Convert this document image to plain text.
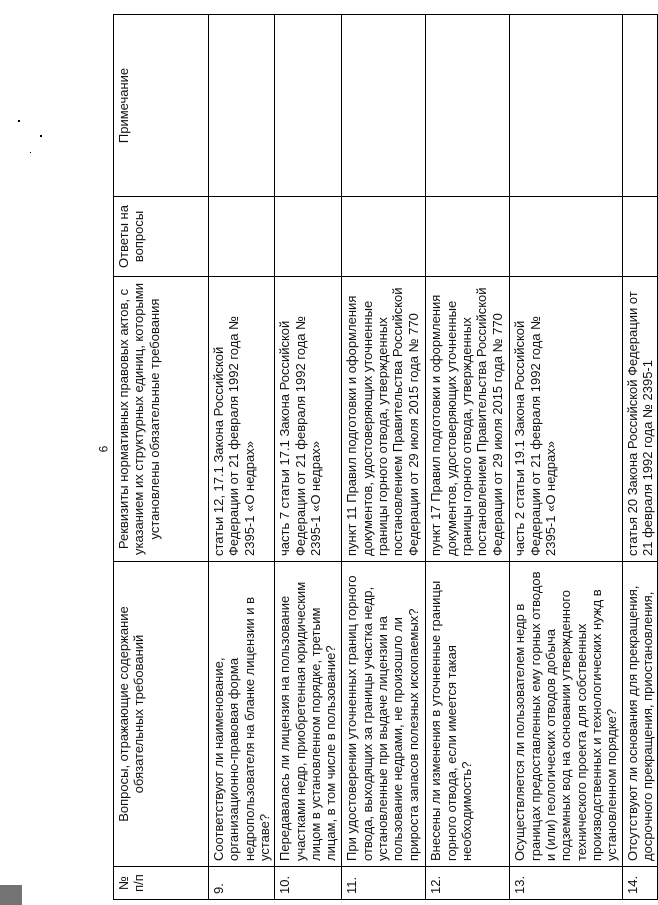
6
№ п/п	Вопросы, отражающие содержание обязательных требований	Реквизиты нормативных правовых актов, с указанием их структурных единиц, которыми установлены обязательные требования	Ответы на вопросы	Примечание
9.	Соответствуют ли наименование, организационно-правовая форма недропользователя на бланке лицензии и в уставе?	статьи 12, 17.1 Закона Российской Федерации от 21 февраля 1992 года № 2395-1 «О недрах»		
10.	Передавалась ли лицензия на пользование участками недр, приобретенная юридическим лицом в установленном порядке, третьим лицам, в том числе в пользование?	часть 7 статьи 17.1 Закона Российской Федерации от 21 февраля 1992 года № 2395-1 «О недрах»		
11.	При удостоверении уточненных границ горного отвода, выходящих за границы участка недр, установленные при выдаче лицензии на пользование недрами, не произошло ли прироста запасов полезных ископаемых?	пункт 11 Правил подготовки и оформления документов, удостоверяющих уточненные границы горного отвода, утвержденных постановлением Правительства Российской Федерации от 29 июля 2015 года № 770		
12.	Внесены ли изменения в уточненные границы горного отвода, если имеется такая необходимость?	пункт 17 Правил подготовки и оформления документов, удостоверяющих уточненные границы горного отвода, утвержденных постановлением Правительства Российской Федерации от 29 июля 2015 года № 770		
13.	Осуществляется ли пользователем недр в границах предоставленных ему горных отводов и (или) геологических отводов добыча подземных вод на основании утвержденного технического проекта для собственных производственных и технологических нужд в установленном порядке?	часть 2 статьи 19.1 Закона Российской Федерации от 21 февраля 1992 года № 2395-1 «О недрах»		
14.	Отсутствуют ли основания для прекращения, досрочного прекращения, приостановления,	статья 20 Закона Российской Федерации от 21 февраля 1992 года № 2395-1		
